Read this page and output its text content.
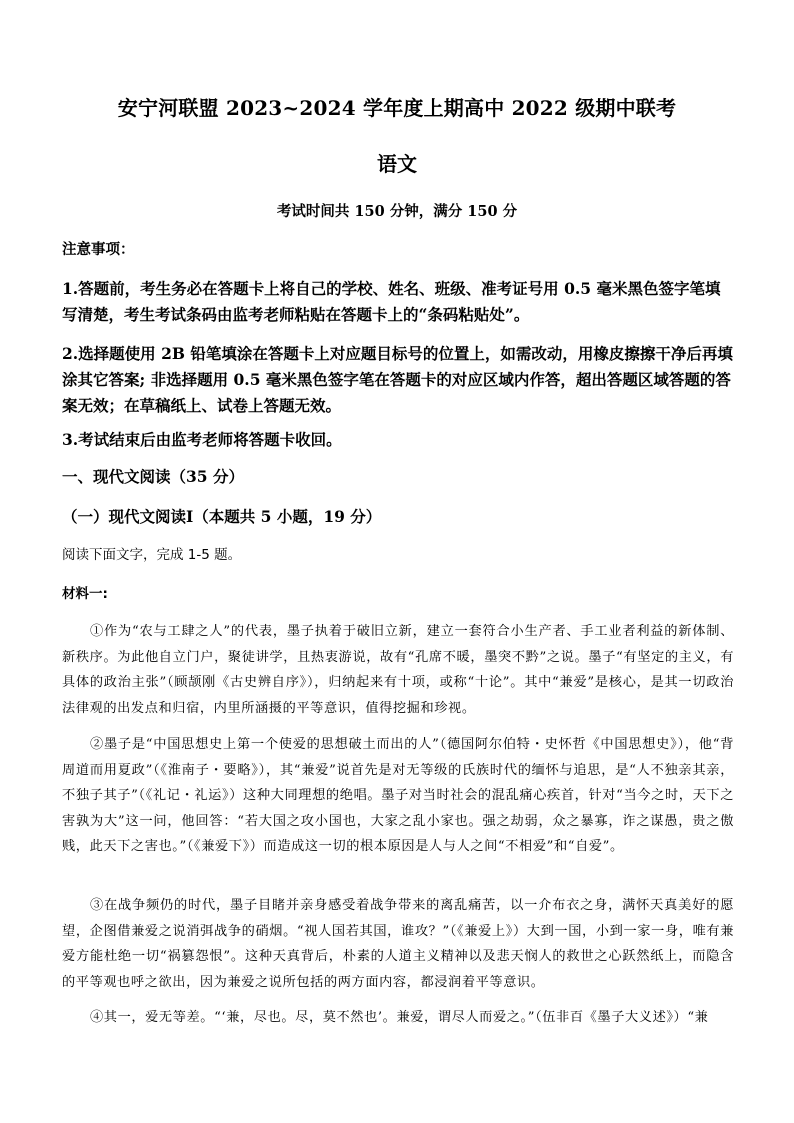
安宁河联盟 2023~2024 学年度上期高中 2022 级期中联考
语文

考试时间共 150 分钟，满分 150 分

注意事项：

1.答题前，考生务必在答题卡上将自己的学校、姓名、班级、准考证号用 0.5 毫米黑色签字笔填写清楚，考生考试条码由监考老师粘贴在答题卡上的“条码粘贴处”。

2.选择题使用 2B 铅笔填涂在答题卡上对应题目标号的位置上，如需改动，用橡皮擦擦干净后再填涂其它答案; 非选择题用 0.5 毫米黑色签字笔在答题卡的对应区域内作答，超出答题区域答题的答案无效；在草稿纸上、试卷上答题无效。

3.考试结束后由监考老师将答题卡收回。

一、现代文阅读（35 分）

（一）现代文阅读Ⅰ（本题共 5 小题，19 分）

阅读下面文字，完成 1-5 题。

材料一:

①作为“农与工肆之人”的代表，墨子执着于破旧立新，建立一套符合小生产者、手工业者利益的新体制、新秩序。为此他自立门户，聚徒讲学，且热衷游说，故有“孔席不暖，墨突不黔”之说。墨子“有坚定的主义，有具体的政治主张”（顾颉刚《古史辨自序》），归纳起来有十项，或称“十论”。其中“兼爱”是核心，是其一切政治法律观的出发点和归宿，内里所涵摄的平等意识，值得挖掘和珍视。

②墨子是“中国思想史上第一个使爱的思想破土而出的人”（德国阿尔伯特・史怀哲《中国思想史》），他“背周道而用夏政”（《淮南子・要略》），其“兼爱”说首先是对无等级的氏族时代的缅怀与追思，是“人不独亲其亲，不独子其子”（《礼记・礼运》）这种大同理想的绝唱。墨子对当时社会的混乱痛心疾首，针对“当今之时，天下之害孰为大”这一问，他回答：“若大国之攻小国也，大家之乱小家也。强之劫弱，众之暴寡，诈之谋愚，贵之傲贱，此天下之害也。”（《兼爱下》）而造成这一切的根本原因是人与人之间“不相爱”和“自爱”。

③在战争频仍的时代，墨子目睹并亲身感受着战争带来的离乱痛苦，以一介布衣之身，满怀天真美好的愿望，企图借兼爱之说消弭战争的硝烟。“视人国若其国，谁攻？”（《兼爱上》）大到一国，小到一家一身，唯有兼爱方能杜绝一切“祸篡怨恨”。这种天真背后，朴素的人道主义精神以及悲天悯人的救世之心跃然纸上，而隐含的平等观也呼之欲出，因为兼爱之说所包括的两方面内容，都浸润着平等意识。

④其一，爱无等差。“‘兼，尽也。尽，莫不然也’。兼爱，谓尽人而爱之。”（伍非百《墨子大义述》）“兼
